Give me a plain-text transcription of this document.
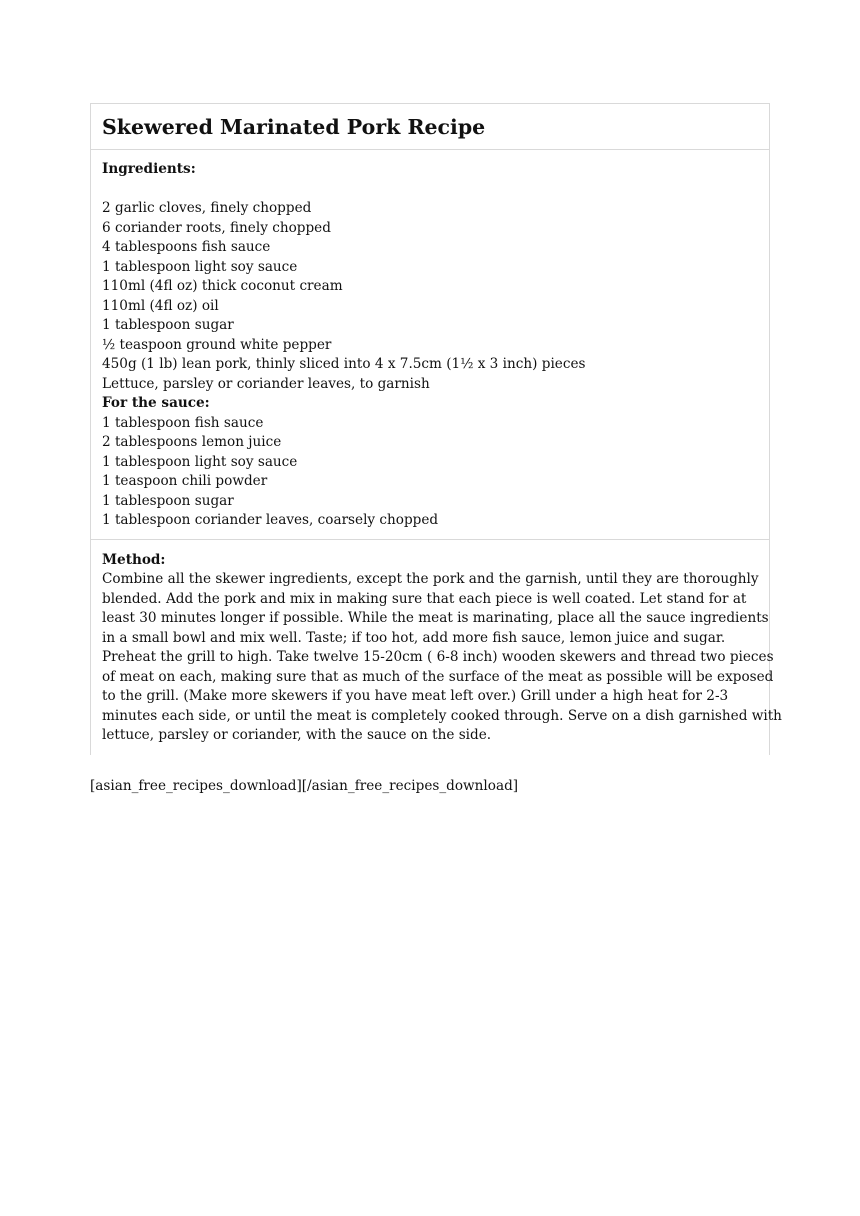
Skewered Marinated Pork Recipe
Ingredients:
2 garlic cloves, finely chopped
6 coriander roots, finely chopped
4 tablespoons fish sauce
1 tablespoon light soy sauce
110ml (4fl oz) thick coconut cream
110ml (4fl oz) oil
1 tablespoon sugar
½ teaspoon ground white pepper
450g (1 lb) lean pork, thinly sliced into 4 x 7.5cm (1½ x 3 inch) pieces
Lettuce, parsley or coriander leaves, to garnish
For the sauce:
1 tablespoon fish sauce
2 tablespoons lemon juice
1 tablespoon light soy sauce
1 teaspoon chili powder
1 tablespoon sugar
1 tablespoon coriander leaves, coarsely chopped
Method:
Combine all the skewer ingredients, except the pork and the garnish, until they are thoroughly
blended. Add the pork and mix in making sure that each piece is well coated. Let stand for at
least 30 minutes longer if possible. While the meat is marinating, place all the sauce ingredients
in a small bowl and mix well. Taste; if too hot, add more fish sauce, lemon juice and sugar.
Preheat the grill to high. Take twelve 15-20cm ( 6-8 inch) wooden skewers and thread two pieces
of meat on each, making sure that as much of the surface of the meat as possible will be exposed
to the grill. (Make more skewers if you have meat left over.) Grill under a high heat for 2-3
minutes each side, or until the meat is completely cooked through. Serve on a dish garnished with
lettuce, parsley or coriander, with the sauce on the side.
[asian_free_recipes_download][/asian_free_recipes_download]
